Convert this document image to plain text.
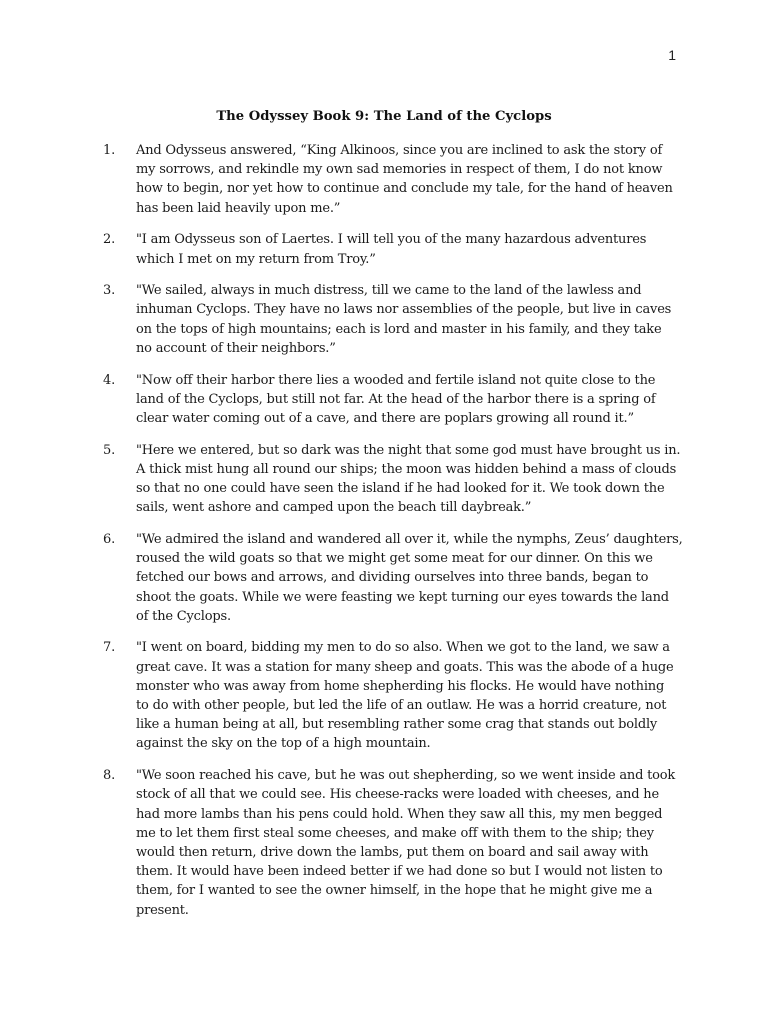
1
The Odyssey Book 9: The Land of the Cyclops
1. And Odysseus answered, “King Alkinoos, since you are inclined to ask the story of
my sorrows, and rekindle my own sad memories in respect of them, I do not know
how to begin, nor yet how to continue and conclude my tale, for the hand of heaven
has been laid heavily upon me.”
2. "I am Odysseus son of Laertes. I will tell you of the many hazardous adventures
which I met on my return from Troy.”
3. "We sailed, always in much distress, till we came to the land of the lawless and
inhuman Cyclops. They have no laws nor assemblies of the people, but live in caves
on the tops of high mountains; each is lord and master in his family, and they take
no account of their neighbors.”
4. "Now off their harbor there lies a wooded and fertile island not quite close to the
land of the Cyclops, but still not far. At the head of the harbor there is a spring of
clear water coming out of a cave, and there are poplars growing all round it.”
5. "Here we entered, but so dark was the night that some god must have brought us in.
A thick mist hung all round our ships; the moon was hidden behind a mass of clouds
so that no one could have seen the island if he had looked for it. We took down the
sails, went ashore and camped upon the beach till daybreak.”
6. "We admired the island and wandered all over it, while the nymphs, Zeus’ daughters,
roused the wild goats so that we might get some meat for our dinner. On this we
fetched our bows and arrows, and dividing ourselves into three bands, began to
shoot the goats. While we were feasting we kept turning our eyes towards the land
of the Cyclops.
7. "I went on board, bidding my men to do so also. When we got to the land, we saw a
great cave. It was a station for many sheep and goats. This was the abode of a huge
monster who was away from home shepherding his flocks. He would have nothing
to do with other people, but led the life of an outlaw. He was a horrid creature, not
like a human being at all, but resembling rather some crag that stands out boldly
against the sky on the top of a high mountain.
8. "We soon reached his cave, but he was out shepherding, so we went inside and took
stock of all that we could see. His cheese-racks were loaded with cheeses, and he
had more lambs than his pens could hold. When they saw all this, my men begged
me to let them first steal some cheeses, and make off with them to the ship; they
would then return, drive down the lambs, put them on board and sail away with
them. It would have been indeed better if we had done so but I would not listen to
them, for I wanted to see the owner himself, in the hope that he might give me a
present.
